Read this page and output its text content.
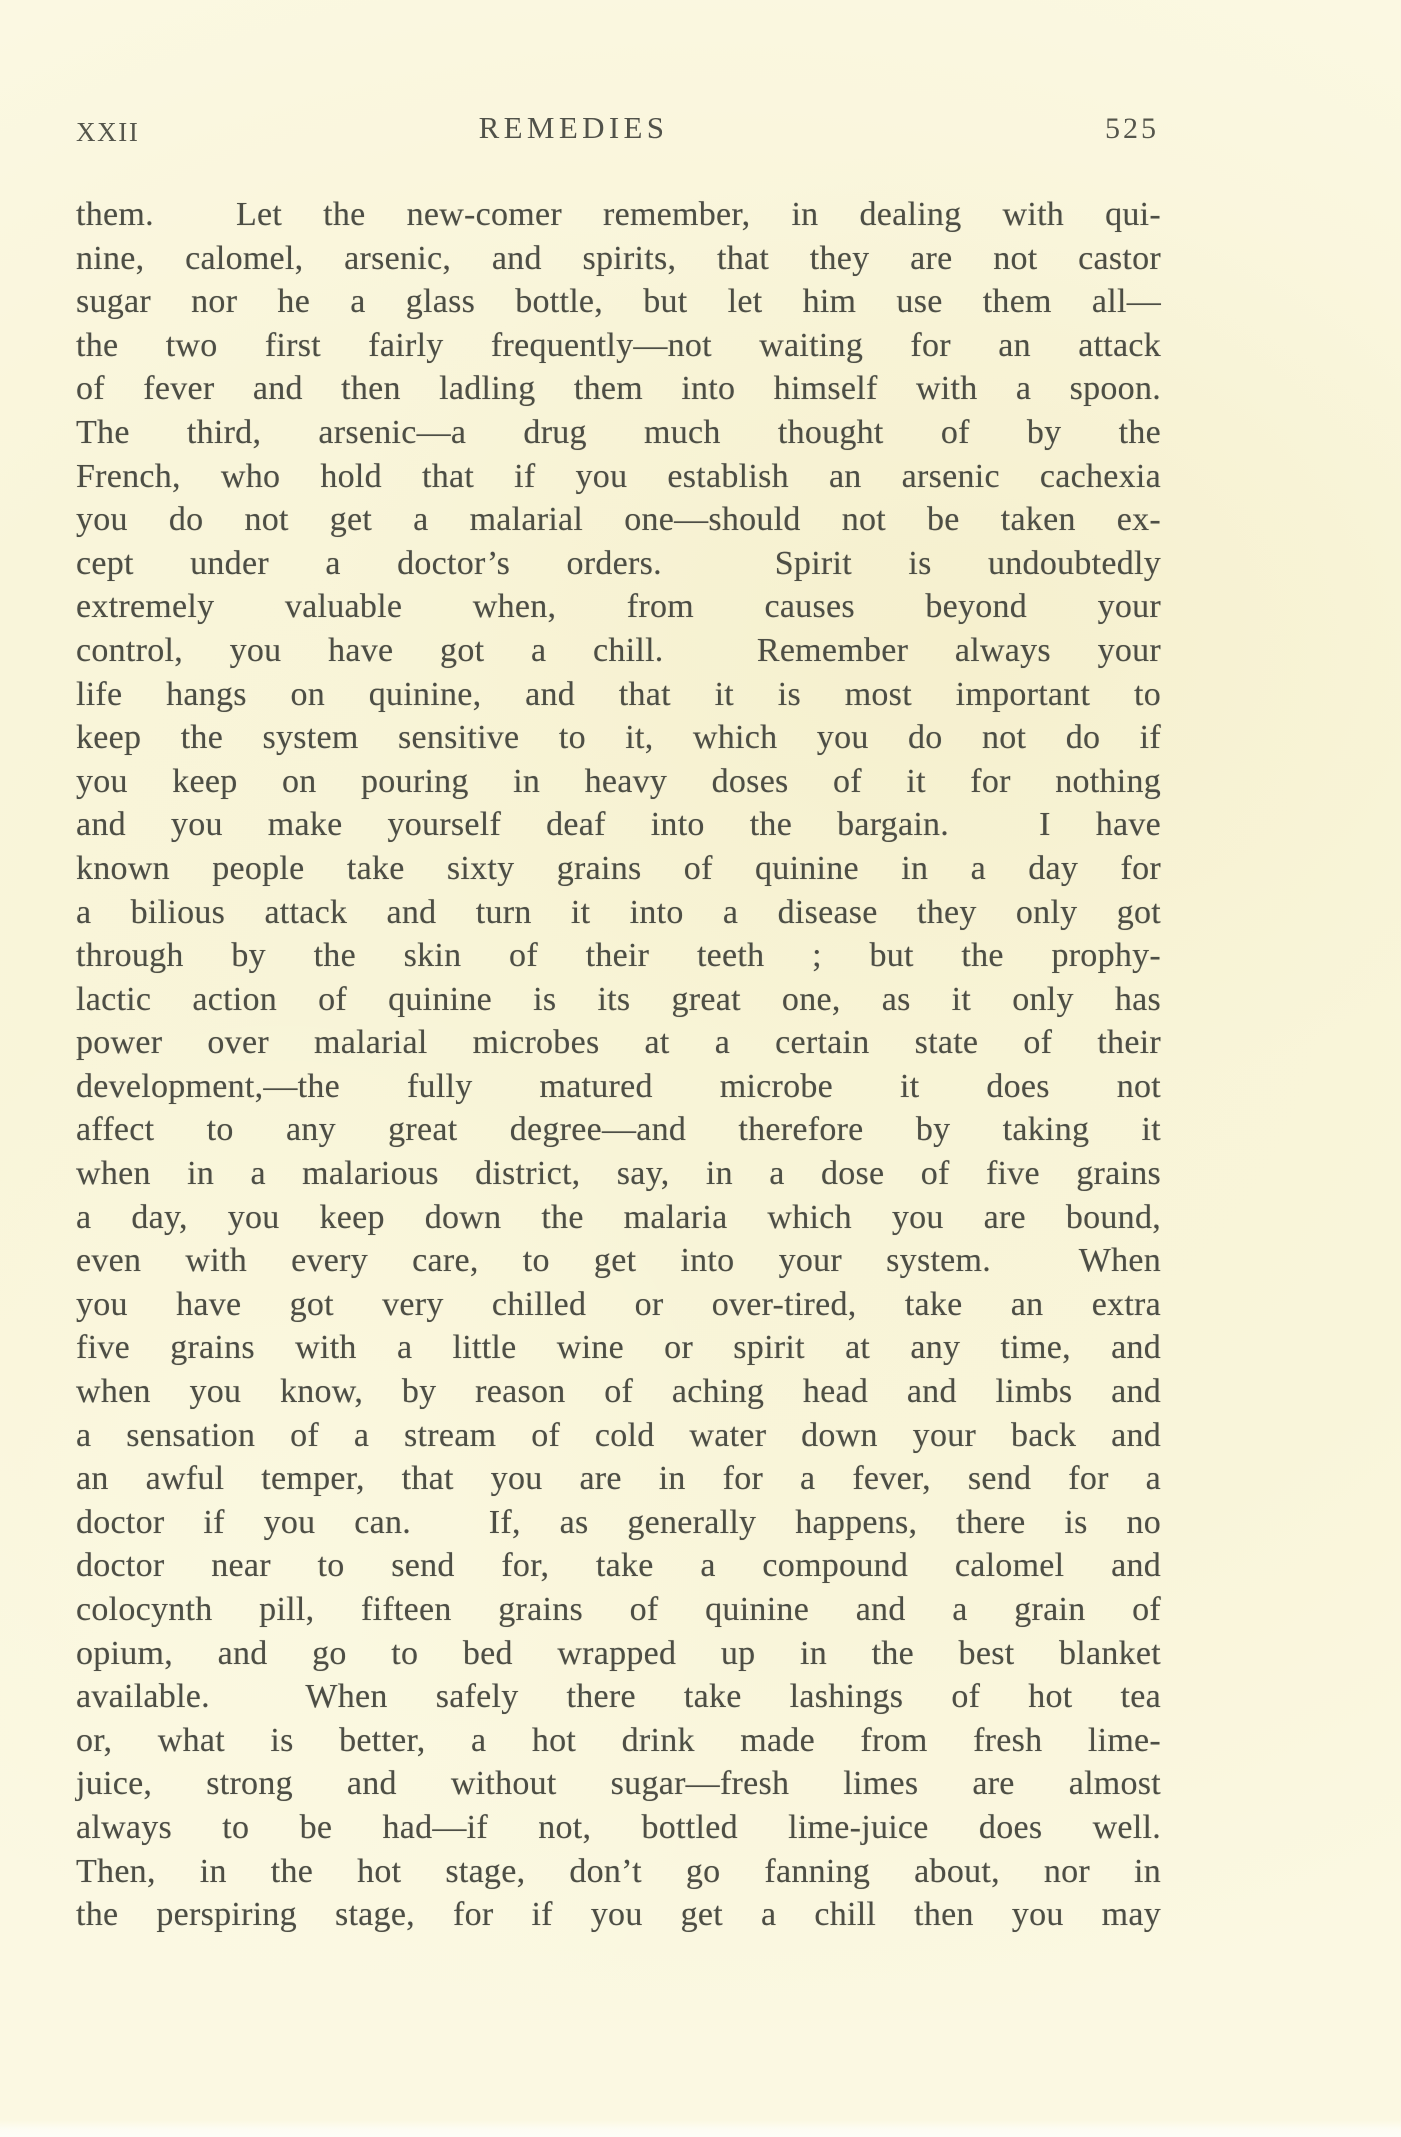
XXII	REMEDIES	525
them.  Let the new-comer remember, in dealing with qui-
nine, calomel, arsenic, and spirits, that they are not castor
sugar nor he a glass bottle, but let him use them all—
the two first fairly frequently—not waiting for an attack
of fever and then ladling them into himself with a spoon.
The third, arsenic—a drug much thought of by the
French, who hold that if you establish an arsenic cachexia
you do not get a malarial one—should not be taken ex-
cept under a doctor’s orders.  Spirit is undoubtedly
extremely valuable when, from causes beyond your
control, you have got a chill.  Remember always your
life hangs on quinine, and that it is most important to
keep the system sensitive to it, which you do not do if
you keep on pouring in heavy doses of it for nothing
and you make yourself deaf into the bargain.  I have
known people take sixty grains of quinine in a day for
a bilious attack and turn it into a disease they only got
through by the skin of their teeth ; but the prophy-
lactic action of quinine is its great one, as it only has
power over malarial microbes at a certain state of their
development,—the fully matured microbe it does not
affect to any great degree—and therefore by taking it
when in a malarious district, say, in a dose of five grains
a day, you keep down the malaria which you are bound,
even with every care, to get into your system.  When
you have got very chilled or over-tired, take an extra
five grains with a little wine or spirit at any time, and
when you know, by reason of aching head and limbs and
a sensation of a stream of cold water down your back and
an awful temper, that you are in for a fever, send for a
doctor if you can.  If, as generally happens, there is no
doctor near to send for, take a compound calomel and
colocynth pill, fifteen grains of quinine and a grain of
opium, and go to bed wrapped up in the best blanket
available.  When safely there take lashings of hot tea
or, what is better, a hot drink made from fresh lime-
juice, strong and without sugar—fresh limes are almost
always to be had—if not, bottled lime-juice does well.
Then, in the hot stage, don’t go fanning about, nor in
the perspiring stage, for if you get a chill then you may
